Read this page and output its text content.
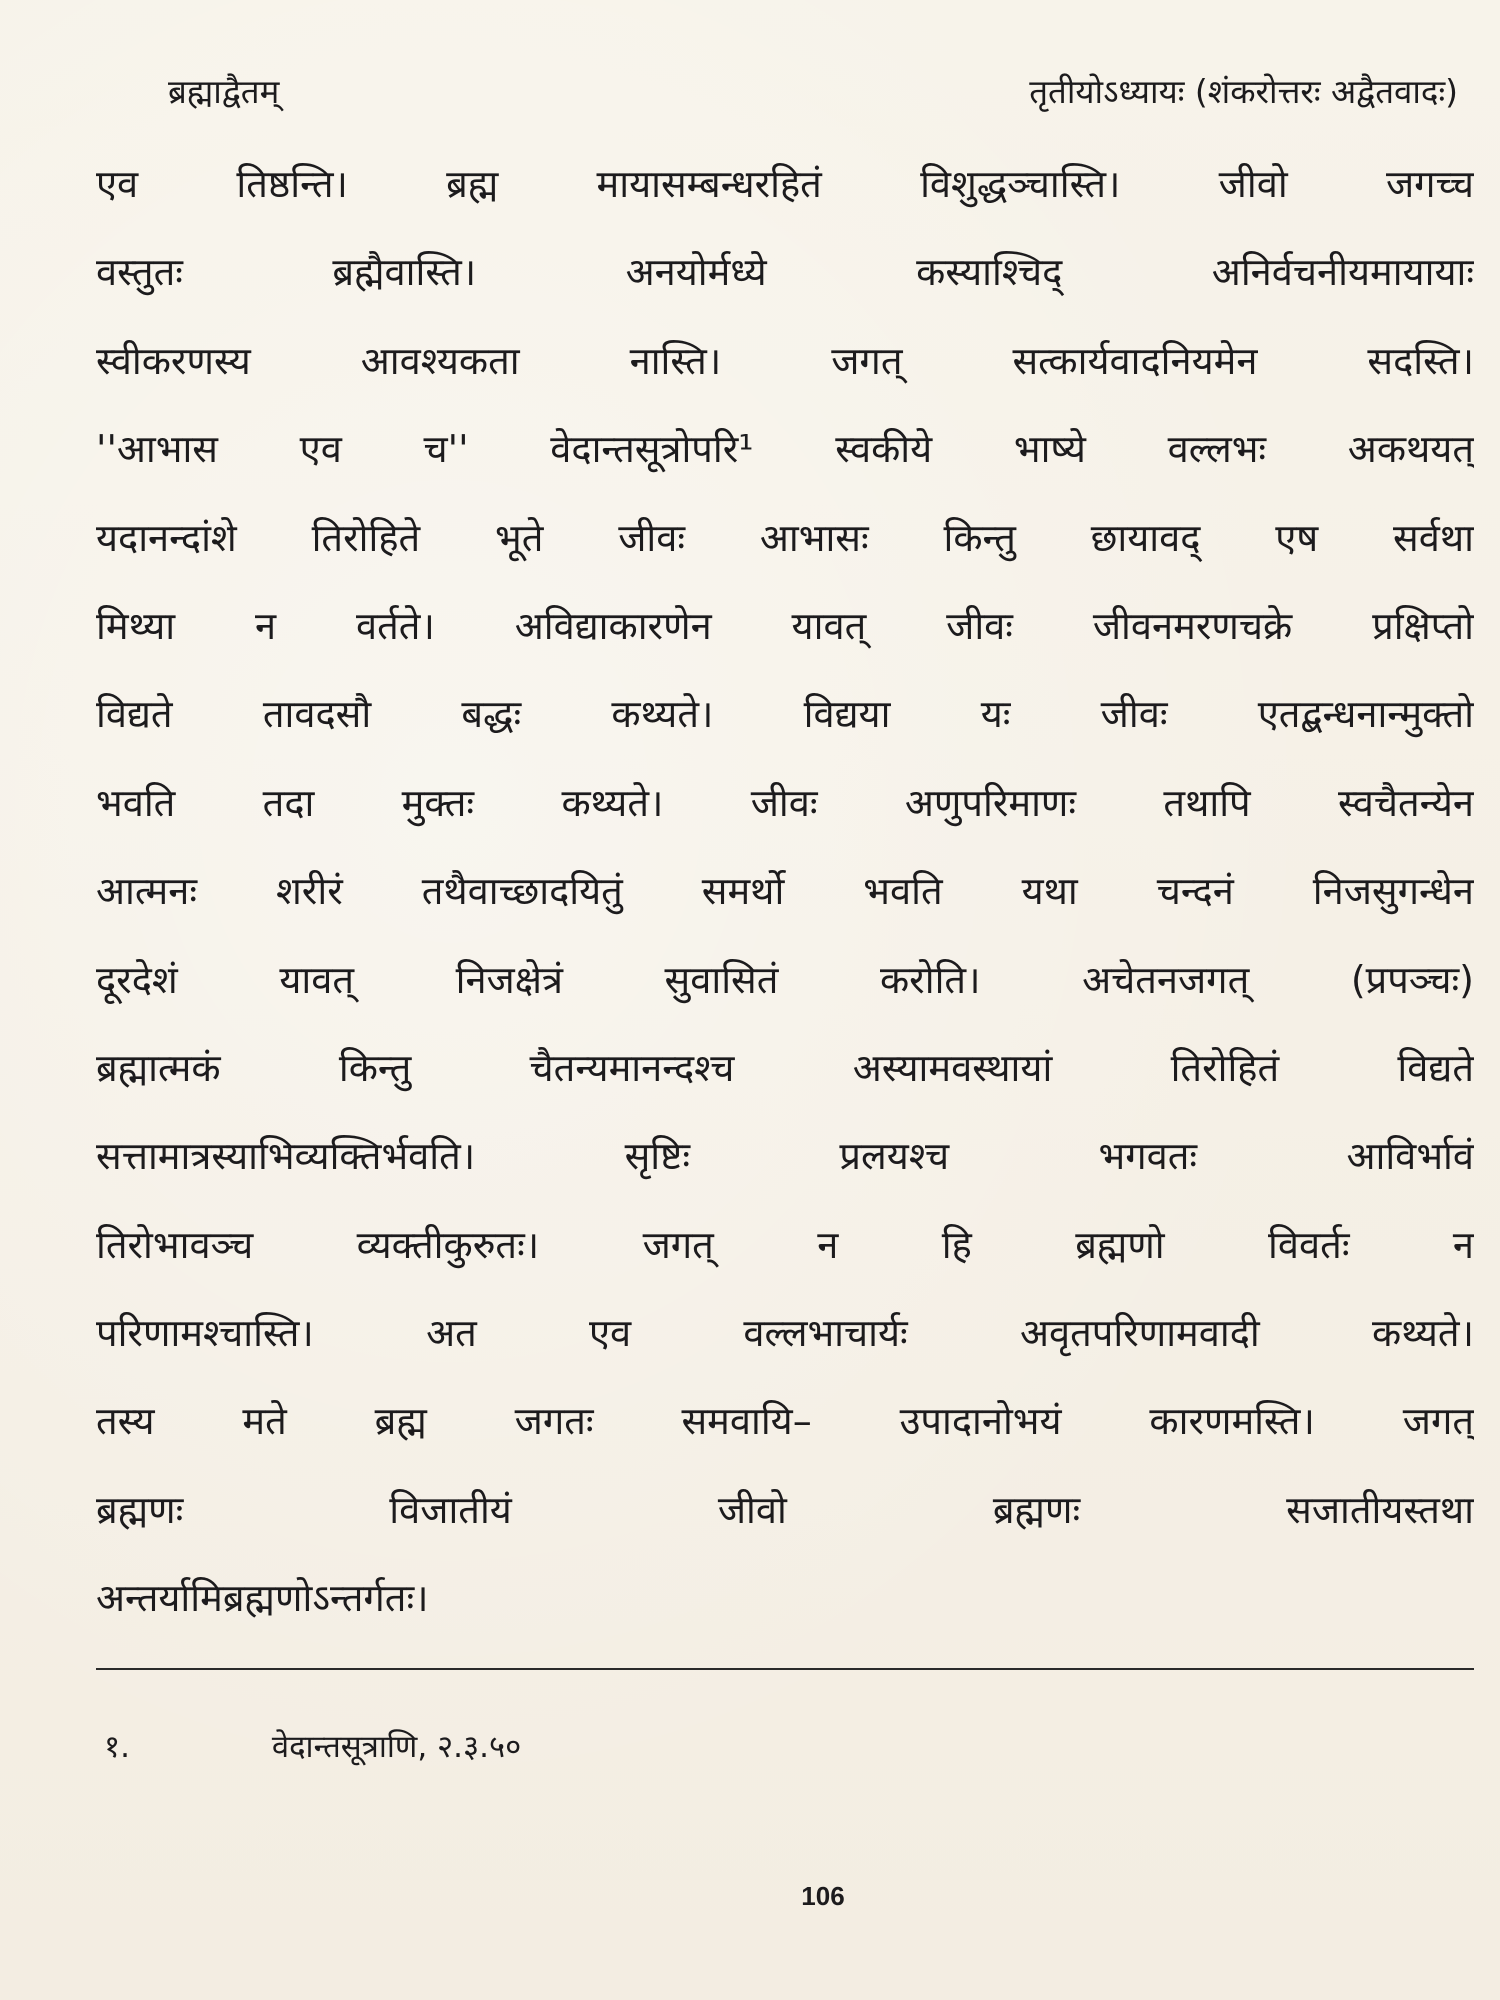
ब्रह्माद्वैतम्	तृतीयोऽध्यायः (शंकरोत्तरः अद्वैतवादः)
एव तिष्ठन्ति। ब्रह्म मायासम्बन्धरहितं विशुद्धञ्चास्ति। जीवो जगच्च
वस्तुतः ब्रह्मैवास्ति। अनयोर्मध्ये कस्याश्चिद् अनिर्वचनीयमायायाः
स्वीकरणस्य आवश्यकता नास्ति। जगत् सत्कार्यवादनियमेन सदस्ति।
''आभास एव च'' वेदान्तसूत्रोपरि¹ स्वकीये भाष्ये वल्लभः अकथयत्
यदानन्दांशे तिरोहिते भूते जीवः आभासः किन्तु छायावद् एष सर्वथा
मिथ्या न वर्तते। अविद्याकारणेन यावत् जीवः जीवनमरणचक्रे प्रक्षिप्तो
विद्यते तावदसौ बद्धः कथ्यते। विद्यया यः जीवः एतद्बन्धनान्मुक्तो
भवति तदा मुक्तः कथ्यते। जीवः अणुपरिमाणः तथापि स्वचैतन्येन
आत्मनः शरीरं तथैवाच्छादयितुं समर्थो भवति यथा चन्दनं निजसुगन्धेन
दूरदेशं यावत् निजक्षेत्रं सुवासितं करोति। अचेतनजगत् (प्रपञ्चः)
ब्रह्मात्मकं किन्तु चैतन्यमानन्दश्च अस्यामवस्थायां तिरोहितं विद्यते
सत्तामात्रस्याभिव्यक्तिर्भवति। सृष्टिः प्रलयश्च भगवतः आविर्भावं
तिरोभावञ्च व्यक्तीकुरुतः। जगत् न हि ब्रह्मणो विवर्तः न
परिणामश्चास्ति। अत एव वल्लभाचार्यः अवृतपरिणामवादी कथ्यते।
तस्य मते ब्रह्म जगतः समवायि– उपादानोभयं कारणमस्ति। जगत्
ब्रह्मणः विजातीयं जीवो ब्रह्मणः सजातीयस्तथा
अन्तर्यामिब्रह्मणोऽन्तर्गतः।
१.	वेदान्तसूत्राणि, २.३.५०
106
